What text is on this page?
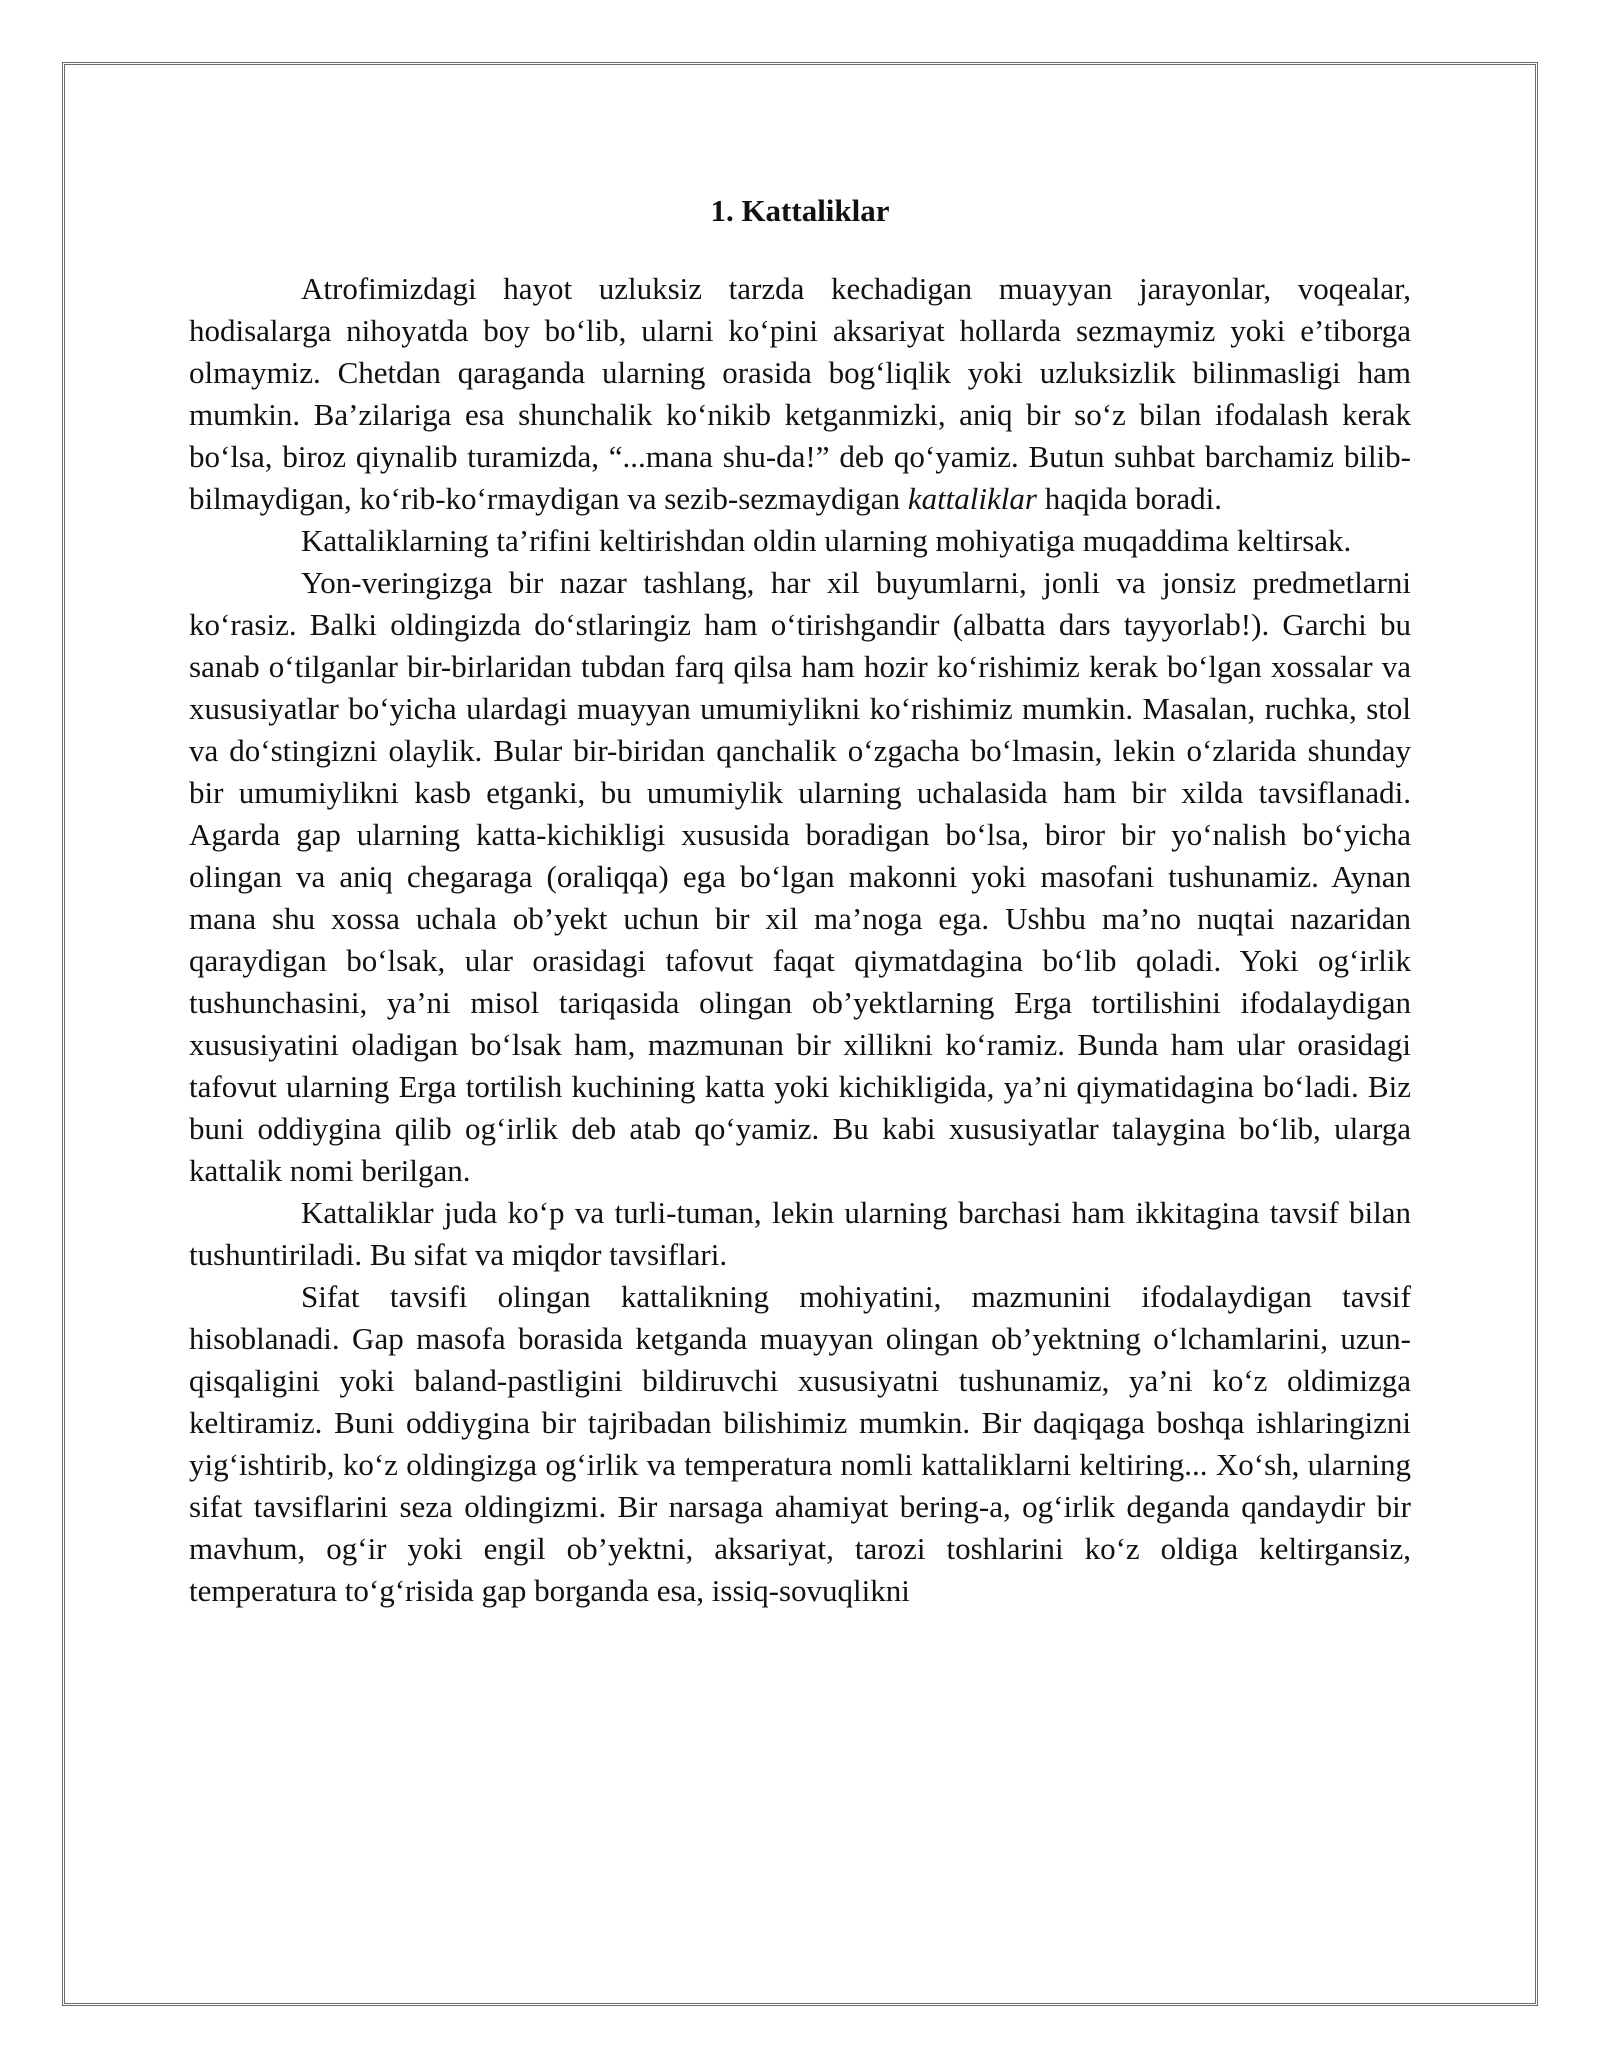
1. Kattaliklar

Atrofimizdagi hayot uzluksiz tarzda kechadigan muayyan jarayonlar, voqealar, hodisalarga nihoyatda boy bo‘lib, ularni ko‘pini aksariyat hollarda sezmaymiz yoki e’tiborga olmaymiz. Chetdan qaraganda ularning orasida bog‘liqlik yoki uzluksizlik bilinmasligi ham mumkin. Ba’zilariga esa shunchalik ko‘nikib ketganmizki, aniq bir so‘z bilan ifodalash kerak bo‘lsa, biroz qiynalib turamizda, “...mana shu-da!” deb qo‘yamiz. Butun suhbat barchamiz bilib-bilmaydigan, ko‘rib-ko‘rmaydigan va sezib-sezmaydigan kattaliklar haqida boradi.

Kattaliklarning ta’rifini keltirishdan oldin ularning mohiyatiga muqaddima keltirsak.

Yon-veringizga bir nazar tashlang, har xil buyumlarni, jonli va jonsiz predmetlarni ko‘rasiz. Balki oldingizda do‘stlaringiz ham o‘tirishgandir (albatta dars tayyorlab!). Garchi bu sanab o‘tilganlar bir-birlaridan tubdan farq qilsa ham hozir ko‘rishimiz kerak bo‘lgan xossalar va xususiyatlar bo‘yicha ulardagi muayyan umumiylikni ko‘rishimiz mumkin. Masalan, ruchka, stol va do‘stingizni olaylik. Bular bir-biridan qanchalik o‘zgacha bo‘lmasin, lekin o‘zlarida shunday bir umumiylikni kasb etganki, bu umumiylik ularning uchalasida ham bir xilda tavsiflanadi. Agarda gap ularning katta-kichikligi xususida boradigan bo‘lsa, biror bir yo‘nalish bo‘yicha olingan va aniq chegaraga (oraliqqa) ega bo‘lgan makonni yoki masofani tushunamiz. Aynan mana shu xossa uchala ob’yekt uchun bir xil ma’noga ega. Ushbu ma’no nuqtai nazaridan qaraydigan bo‘lsak, ular orasidagi tafovut faqat qiymatdagina bo‘lib qoladi. Yoki og‘irlik tushunchasini, ya’ni misol tariqasida olingan ob’yektlarning Erga tortilishini ifodalaydigan xususiyatini oladigan bo‘lsak ham, mazmunan bir xillikni ko‘ramiz. Bunda ham ular orasidagi tafovut ularning Erga tortilish kuchining katta yoki kichikligida, ya’ni qiymatidagina bo‘ladi. Biz buni oddiygina qilib og‘irlik deb atab qo‘yamiz. Bu kabi xususiyatlar talaygina bo‘lib, ularga kattalik nomi berilgan.

Kattaliklar juda ko‘p va turli-tuman, lekin ularning barchasi ham ikkitagina tavsif bilan tushuntiriladi. Bu sifat va miqdor tavsiflari.

Sifat tavsifi olingan kattalikning mohiyatini, mazmunini ifodalaydigan tavsif hisoblanadi. Gap masofa borasida ketganda muayyan olingan ob’yektning o‘lchamlarini, uzun-qisqaligini yoki baland-pastligini bildiruvchi xususiyatni tushunamiz, ya’ni ko‘z oldimizga keltiramiz. Buni oddiygina bir tajribadan bilishimiz mumkin. Bir daqiqaga boshqa ishlaringizni yig‘ishtirib, ko‘z oldingizga og‘irlik va temperatura nomli kattaliklarni keltiring... Xo‘sh, ularning sifat tavsiflarini seza oldingizmi. Bir narsaga ahamiyat bering-a, og‘irlik deganda qandaydir bir mavhum, og‘ir yoki engil ob’yektni, aksariyat, tarozi toshlarini ko‘z oldiga keltirgansiz, temperatura to‘g‘risida gap borganda esa, issiq-sovuqlikni
